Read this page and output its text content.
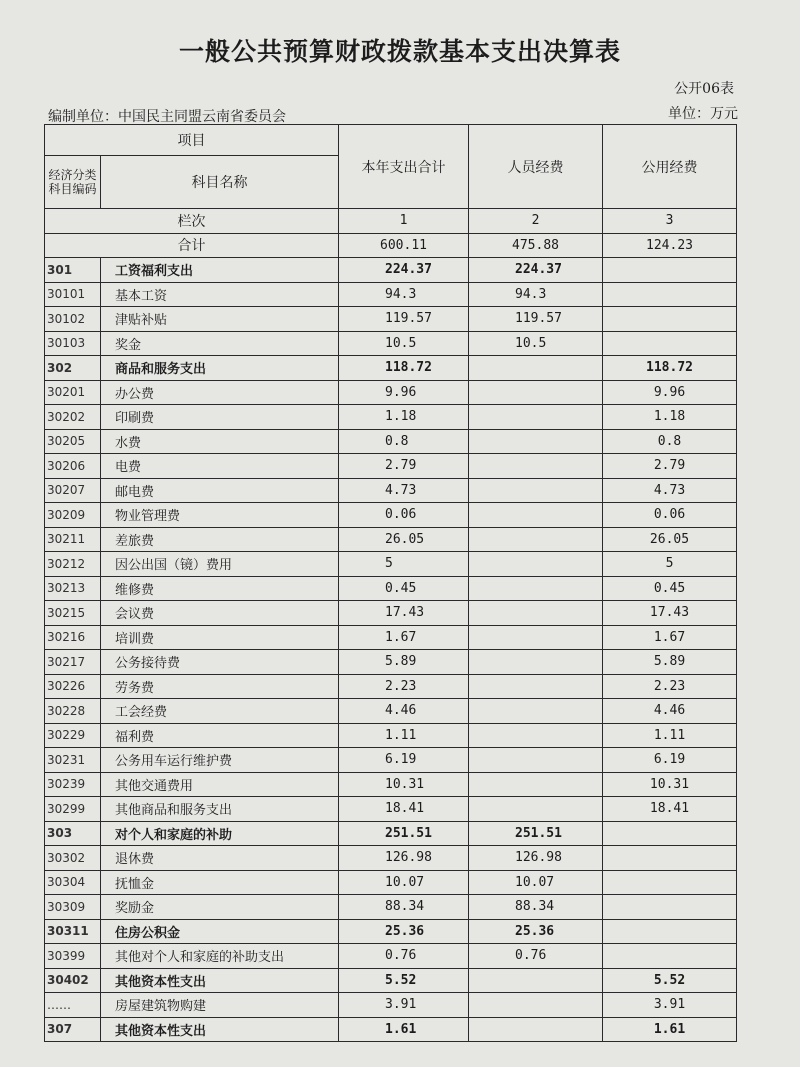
一般公共预算财政拨款基本支出决算表
公开06表
单位：万元
编制单位：中国民主同盟云南省委员会
项目		本年支出合计	人员经费	公用经费
经济分类科目编码	科目名称			
栏次		1	2	3
合计		600.11	475.88	124.23
301	工资福利支出	224.37	224.37	
30101	基本工资	94.3	94.3	
30102	津贴补贴	119.57	119.57	
30103	奖金	10.5	10.5	
302	商品和服务支出	118.72		118.72
30201	办公费	9.96		9.96
30202	印刷费	1.18		1.18
30205	水费	0.8		0.8
30206	电费	2.79		2.79
30207	邮电费	4.73		4.73
30209	物业管理费	0.06		0.06
30211	差旅费	26.05		26.05
30212	因公出国（镜）费用	5		5
30213	维修费	0.45		0.45
30215	会议费	17.43		17.43
30216	培训费	1.67		1.67
30217	公务接待费	5.89		5.89
30226	劳务费	2.23		2.23
30228	工会经费	4.46		4.46
30229	福利费	1.11		1.11
30231	公务用车运行维护费	6.19		6.19
30239	其他交通费用	10.31		10.31
30299	其他商品和服务支出	18.41		18.41
303	对个人和家庭的补助	251.51	251.51	
30302	退休费	126.98	126.98	
30304	抚恤金	10.07	10.07	
30309	奖励金	88.34	88.34	
30311	住房公积金	25.36	25.36	
30399	其他对个人和家庭的补助支出	0.76	0.76	
30402	其他资本性支出	5.52		5.52
……	房屋建筑物购建	3.91		3.91
307	其他资本性支出	1.61		1.61
